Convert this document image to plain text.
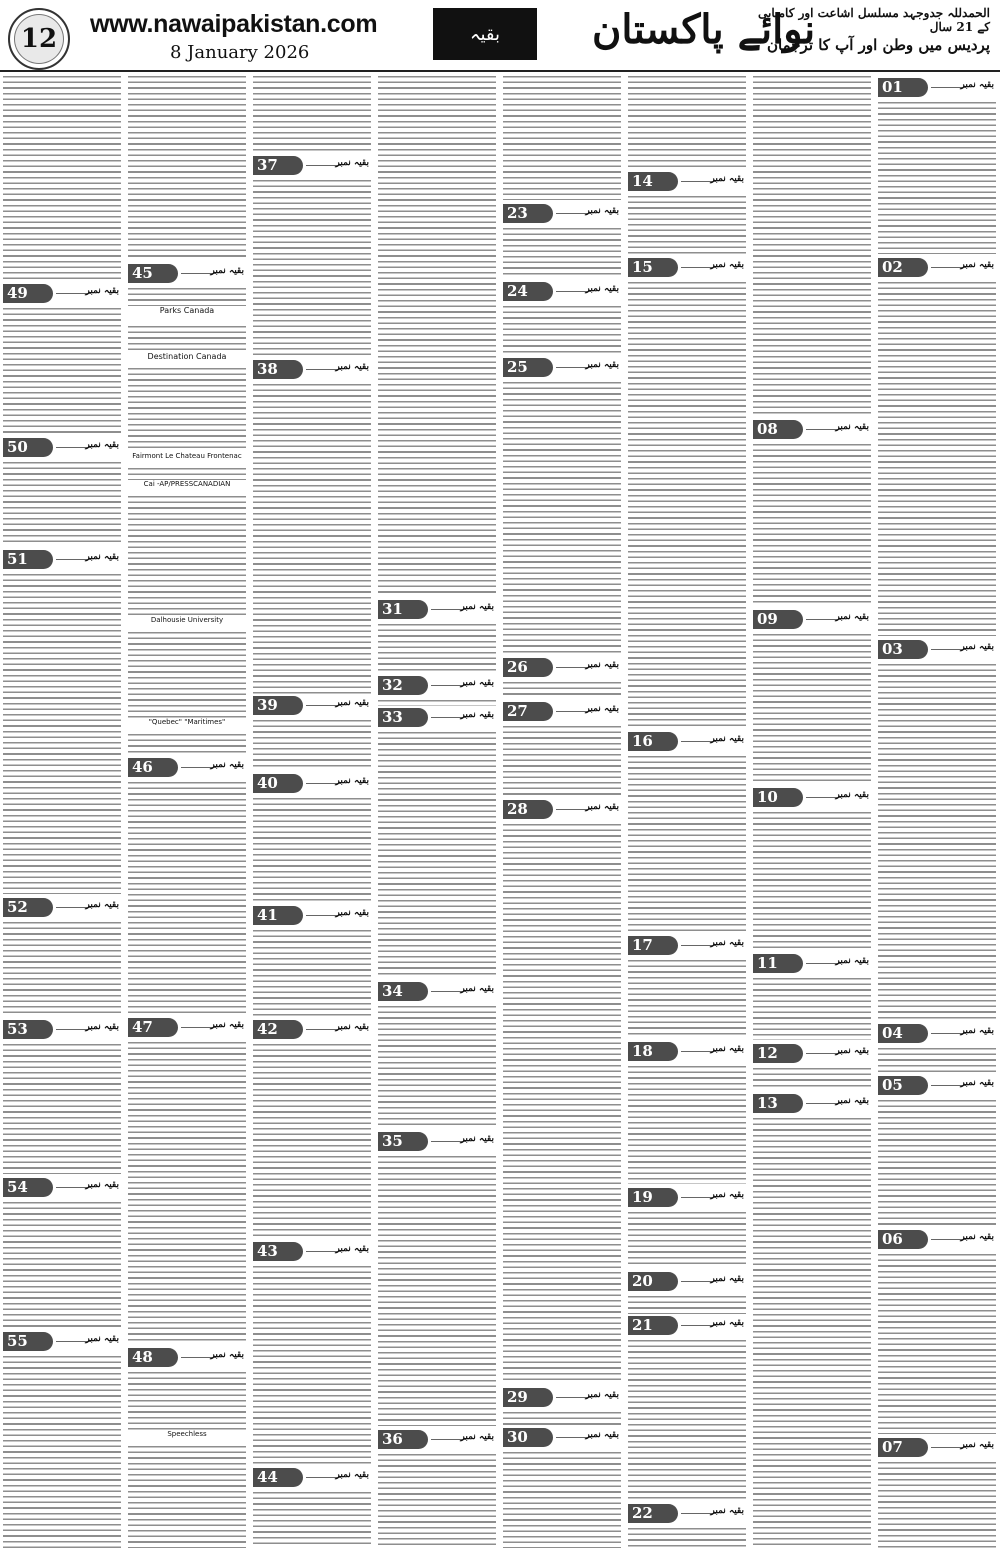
12	www.nawaipakistan.com
8 January 2026
بقیہ	نوائے پاکستان
الحمدللہ جدوجہد مسلسل اشاعت اور کامیابی کے 21 سال
پردیس میں وطن اور آپ کا ترجمان
01	بقیہ نمبر
02	بقیہ نمبر
03	بقیہ نمبر
04	بقیہ نمبر
05	بقیہ نمبر
06	بقیہ نمبر
07	بقیہ نمبر
08	بقیہ نمبر
09	بقیہ نمبر
10	بقیہ نمبر
11	بقیہ نمبر
12	بقیہ نمبر
13	بقیہ نمبر
14	بقیہ نمبر
15	بقیہ نمبر
16	بقیہ نمبر
17	بقیہ نمبر
18	بقیہ نمبر
19	بقیہ نمبر
20	بقیہ نمبر
21	بقیہ نمبر
22	بقیہ نمبر
23	بقیہ نمبر
24	بقیہ نمبر
25	بقیہ نمبر
26	بقیہ نمبر
27	بقیہ نمبر
28	بقیہ نمبر
29	بقیہ نمبر
30	بقیہ نمبر
31	بقیہ نمبر
32	بقیہ نمبر
33	بقیہ نمبر
34	بقیہ نمبر
35	بقیہ نمبر
36	بقیہ نمبر
37	بقیہ نمبر
38	بقیہ نمبر
39	بقیہ نمبر
40	بقیہ نمبر
41	بقیہ نمبر
42	بقیہ نمبر
43	بقیہ نمبر
44	بقیہ نمبر
45	بقیہ نمبر
Parks Canada
Destination Canada
Fairmont Le Chateau Frontenac
Cai -AP/PRESSCANADIAN
Dalhousie University
"Quebec" "Maritimes"
46	بقیہ نمبر
47	بقیہ نمبر
48	بقیہ نمبر
Speechless
49	بقیہ نمبر
50	بقیہ نمبر
51	بقیہ نمبر
52	بقیہ نمبر
53	بقیہ نمبر
54	بقیہ نمبر
55	بقیہ نمبر
